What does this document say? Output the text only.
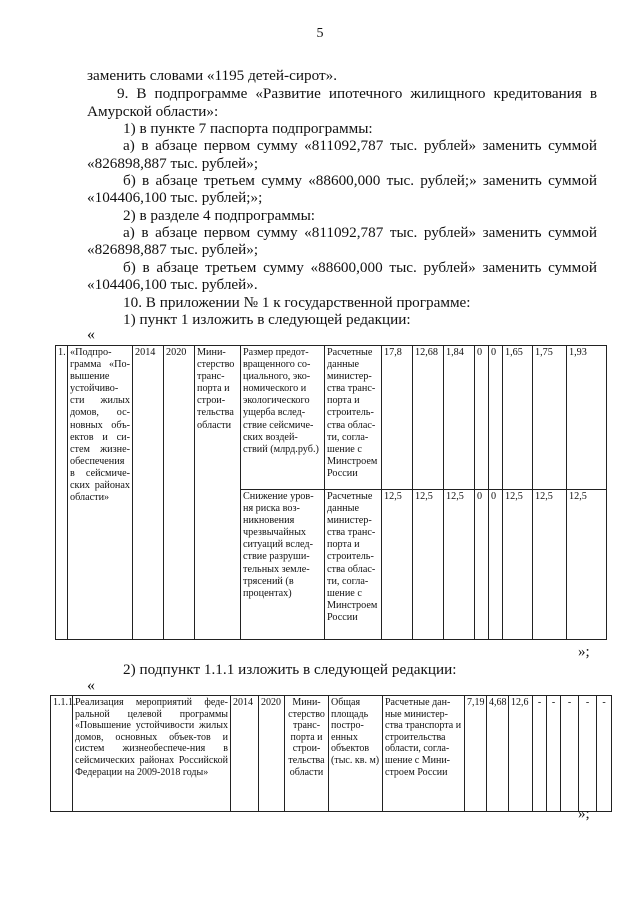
5
заменить словами «1195 детей-сирот».
9. В подпрограмме «Развитие ипотечного жилищного кредитования в
Амурской области»:
1) в пункте 7 паспорта подпрограммы:
а) в абзаце первом сумму «811092,787 тыс. рублей» заменить суммой
«826898,887 тыс. рублей»;
б) в абзаце третьем сумму «88600,000 тыс. рублей;» заменить суммой
«104406,100 тыс. рублей;»;
2) в разделе 4 подпрограммы:
а) в абзаце первом сумму «811092,787 тыс. рублей» заменить суммой
«826898,887 тыс. рублей»;
б) в абзаце третьем сумму «88600,000 тыс. рублей» заменить суммой
«104406,100 тыс. рублей».
10. В приложении № 1 к государственной программе:
1) пункт 1 изложить в следующей редакции:
«
1.	«Подпро-грамма «По-вышение устойчиво-сти жилых домов, ос-новных объ-ектов и си-стем жизне-обеспечения в сейсмиче-ских районах области»	2014	2020	Мини-стерство транс-порта и строи-тельства области	Размер предот-вращенного со-циального, эко-номического и экологического ущерба вслед-ствие сейсмиче-ских воздей-ствий (млрд.руб.)	Расчетные данные министер-ства транс-порта и строитель-ства облас-ти, согла-шение с Минстроем России	17,8	12,68	1,84	0	0	1,65	1,75	1,93
					Снижение уров-ня риска воз-никновения чрезвычайных ситуаций вслед-ствие разруши-тельных земле-трясений (в процентах)	Расчетные данные министер-ства транс-порта и строитель-ства облас-ти, согла-шение с Минстроем России	12,5	12,5	12,5	0	0	12,5	12,5	12,5
»;
2) подпункт 1.1.1 изложить в следующей редакции:
«
1.1.1.	Реализация мероприятий феде-ральной целевой программы «Повышение устойчивости жилых домов, основных объек-тов и систем жизнеобеспече-ния в сейсмических районах Российской Федерации на 2009-2018 годы»	2014	2020	Мини-стерство транс-порта и строи-тельства области	Общая площадь постро-енных объектов (тыс. кв. м)	Расчетные дан-ные министер-ства транспорта и строительства области, согла-шение с Мини-строем России	7,19	4,68	12,6	-	-	-	-	-
»;
